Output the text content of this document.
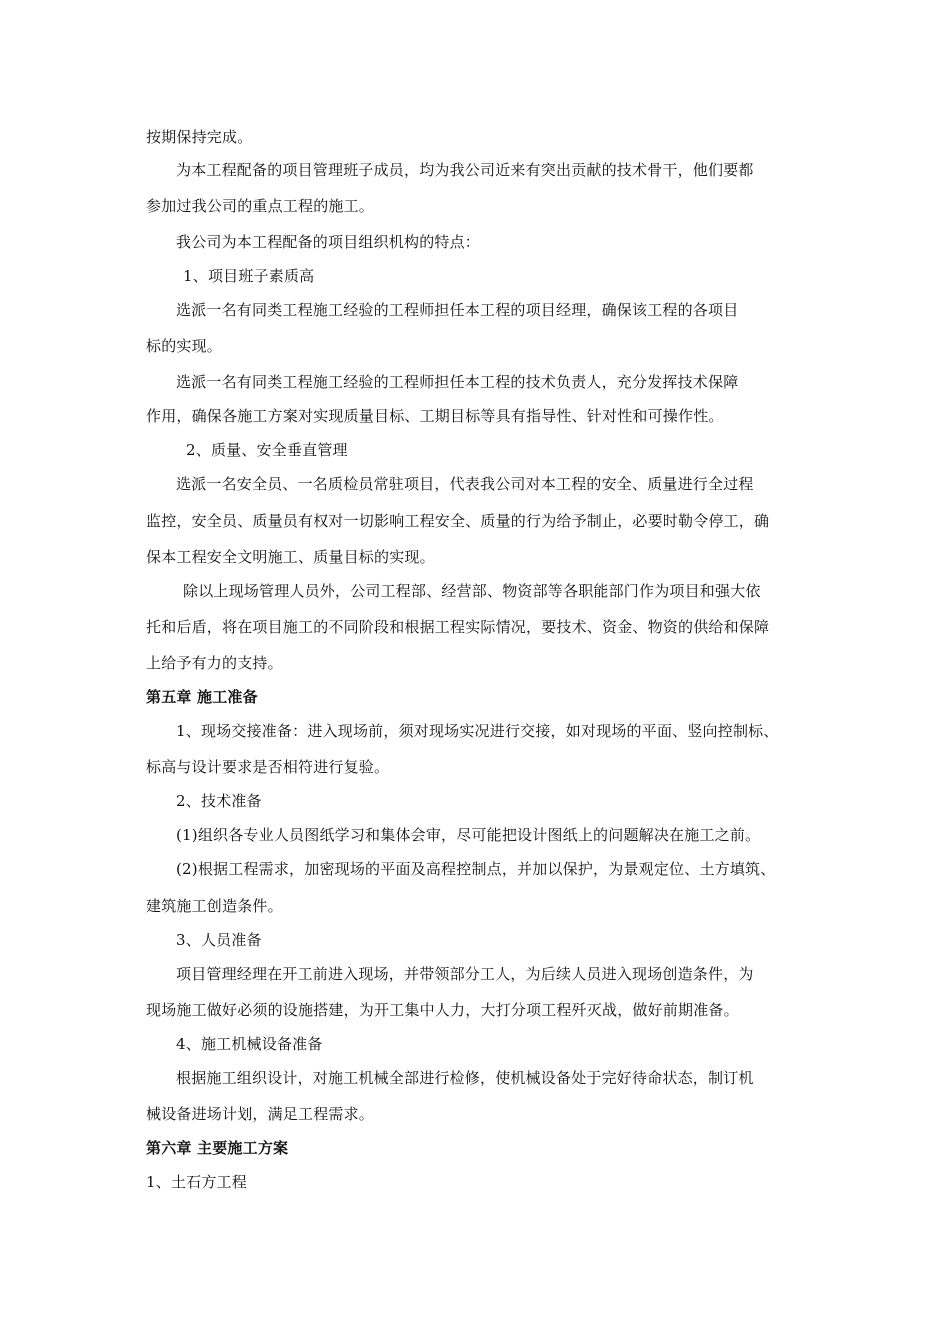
按期保持完成。
为本工程配备的项目管理班子成员，均为我公司近来有突出贡献的技术骨干，他们要都
参加过我公司的重点工程的施工。
我公司为本工程配备的项目组织机构的特点：
1、项目班子素质高
选派一名有同类工程施工经验的工程师担任本工程的项目经理，确保该工程的各项目
标的实现。
选派一名有同类工程施工经验的工程师担任本工程的技术负责人，充分发挥技术保障
作用，确保各施工方案对实现质量目标、工期目标等具有指导性、针对性和可操作性。
2、质量、安全垂直管理
选派一名安全员、一名质检员常驻项目，代表我公司对本工程的安全、质量进行全过程
监控，安全员、质量员有权对一切影响工程安全、质量的行为给予制止，必要时勒令停工，确
保本工程安全文明施工、质量目标的实现。
除以上现场管理人员外，公司工程部、经营部、物资部等各职能部门作为项目和强大依
托和后盾，将在项目施工的不同阶段和根据工程实际情况，要技术、资金、物资的供给和保障
上给予有力的支持。
第五章 施工准备
1、现场交接准备：进入现场前，须对现场实况进行交接，如对现场的平面、竖向控制标、
标高与设计要求是否相符进行复验。
2、技术准备
(1)组织各专业人员图纸学习和集体会审，尽可能把设计图纸上的问题解决在施工之前。
(2)根据工程需求，加密现场的平面及高程控制点，并加以保护，为景观定位、土方填筑、
建筑施工创造条件。
3、人员准备
项目管理经理在开工前进入现场，并带领部分工人，为后续人员进入现场创造条件，为
现场施工做好必须的设施搭建，为开工集中人力，大打分项工程歼灭战，做好前期准备。
4、施工机械设备准备
根据施工组织设计，对施工机械全部进行检修，使机械设备处于完好待命状态，制订机
械设备进场计划，满足工程需求。
第六章 主要施工方案
1、土石方工程
